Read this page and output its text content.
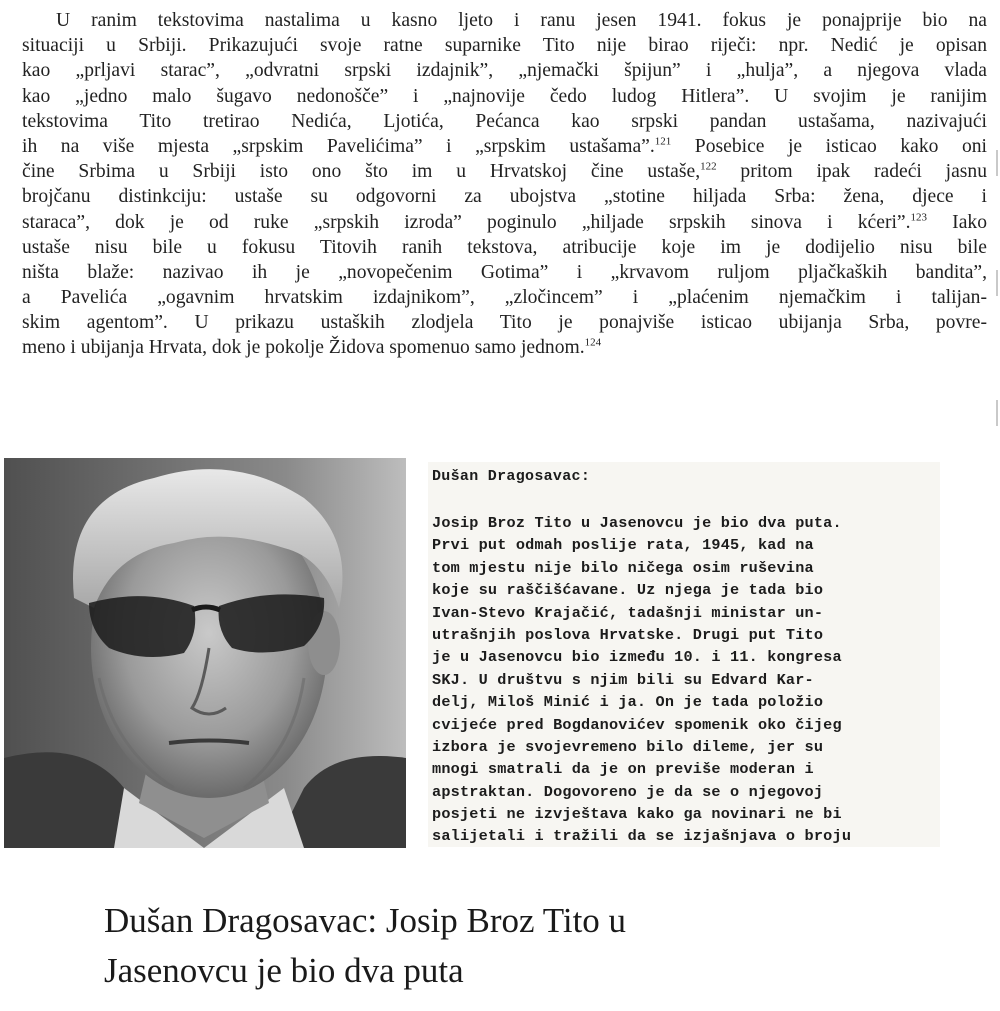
U ranim tekstovima nastalima u kasno ljeto i ranu jesen 1941. fokus je ponajprije bio na
situaciji u Srbiji. Prikazujući svoje ratne suparnike Tito nije birao riječi: npr. Nedić je opisan
kao „prljavi starac”, „odvratni srpski izdajnik”, „njemački špijun” i „hulja”, a njegova vlada
kao „jedno malo šugavo nedonošče” i „najnovije čedo ludog Hitlera”. U svojim je ranijim
tekstovima Tito tretirao Nedića, Ljotića, Pećanca kao srpski pandan ustašama, nazivajući
ih na više mjesta „srpskim Pavelićima” i „srpskim ustašama”.$^{121}$ Posebice je isticao kako oni
čine Srbima u Srbiji isto ono što im u Hrvatskoj čine ustaše,$^{122}$ pritom ipak radeći jasnu
brojčanu distinkciju: ustaše su odgovorni za ubojstva „stotine hiljada Srba: žena, djece i
staraca”, dok je od ruke „srpskih izroda” poginulo „hiljade srpskih sinova i kćeri”.$^{123}$ Iako
ustaše nisu bile u fokusu Titovih ranih tekstova, atribucije koje im je dodijelio nisu bile
ništa blaže: nazivao ih je „novopečenim Gotima” i „krvavom ruljom pljačkaških bandita”,
a Pavelića „ogavnim hrvatskim izdajnikom”, „zločincem” i „plaćenim njemačkim i talijan-
skim agentom”. U prikazu ustaških zlodjela Tito je ponajviše isticao ubijanja Srba, povre-
meno i ubijanja Hrvata, dok je pokolje Židova spomenuo samo jednom.$^{124}$
Dušan Dragosavac:
Josip Broz Tito u Jasenovcu je bio dva puta.
Prvi put odmah poslije rata, 1945, kad na
tom mjestu nije bilo ničega osim ruševina
koje su raščišćavane. Uz njega je tada bio
Ivan-Stevo Krajačić, tadašnji ministar un-
utrašnjih poslova Hrvatske. Drugi put Tito
je u Jasenovcu bio između 10. i 11. kongresa
SKJ. U društvu s njim bili su Edvard Kar-
delj, Miloš Minić i ja. On je tada položio
cvijeće pred Bogdanovićev spomenik oko čijeg
izbora je svojevremeno bilo dileme, jer su
mnogi smatrali da je on previše moderan i
apstraktan. Dogovoreno je da se o njegovoj
posjeti ne izvještava kako ga novinari ne bi
salijetali i tražili da se izjašnjava o broju
Dušan Dragosavac: Josip Broz Tito u
Jasenovcu je bio dva puta
